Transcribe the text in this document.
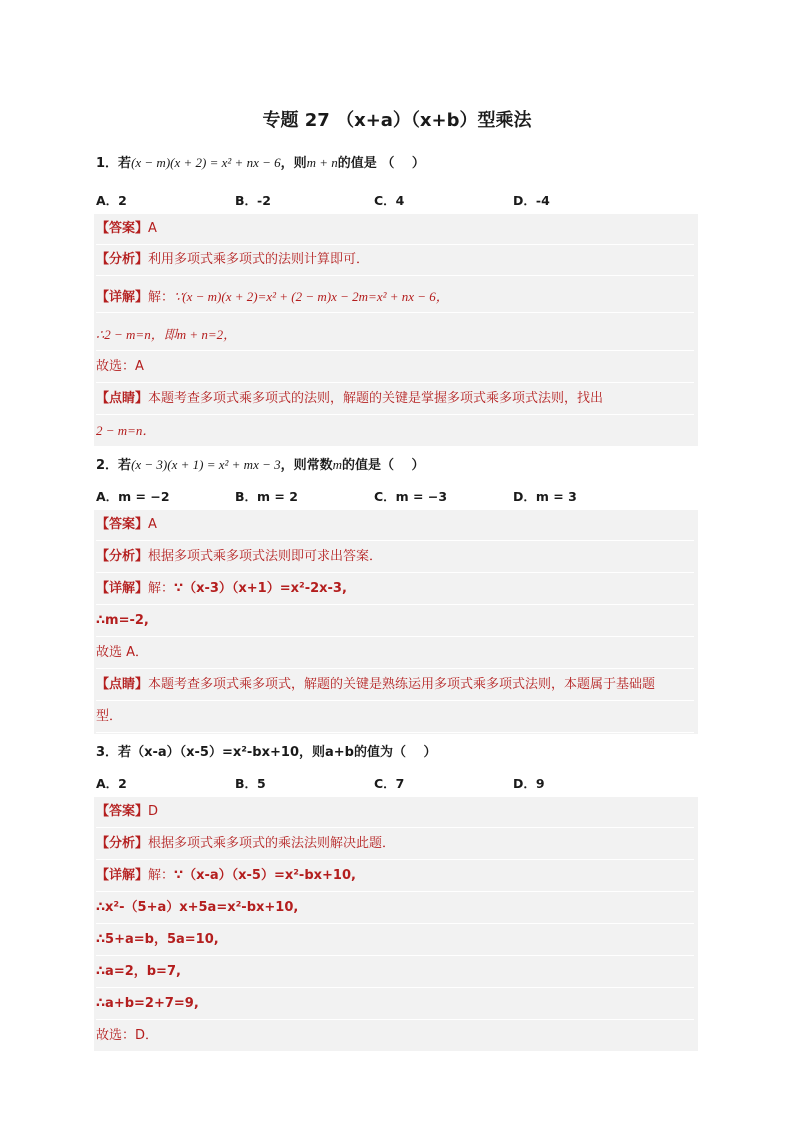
专题 27 （x+a）（x+b）型乘法
1．若(x − m)(x + 2) = x² + nx − 6，则m + n的值是 （　 ）
A．2	B．-2	C．4	D．-4
【答案】A
【分析】利用多项式乘多项式的法则计算即可．
【详解】解：∵(x − m)(x + 2)=x² + (2 − m)x − 2m=x² + nx − 6，
∴2 − m=n，即m + n=2，
故选：A
【点睛】本题考查多项式乘多项式的法则，解题的关键是掌握多项式乘多项式法则，找出
2 − m=n．
2．若(x − 3)(x + 1) = x² + mx − 3，则常数m的值是（　 ）
A．m = −2	B．m = 2	C．m = −3	D．m = 3
【答案】A
【分析】根据多项式乘多项式法则即可求出答案．
【详解】解：∵（x-3）（x+1）=x²-2x-3,
∴m=-2,
故选 A．
【点睛】本题考查多项式乘多项式，解题的关键是熟练运用多项式乘多项式法则，本题属于基础题
型．
3．若（x-a）（x-5）=x²-bx+10，则a+b的值为（　 ）
A．2	B．5	C．7	D．9
【答案】D
【分析】根据多项式乘多项式的乘法法则解决此题．
【详解】解：∵（x-a）（x-5）=x²-bx+10,
∴x²-（5+a）x+5a=x²-bx+10,
∴5+a=b，5a=10,
∴a=2，b=7,
∴a+b=2+7=9,
故选：D．
